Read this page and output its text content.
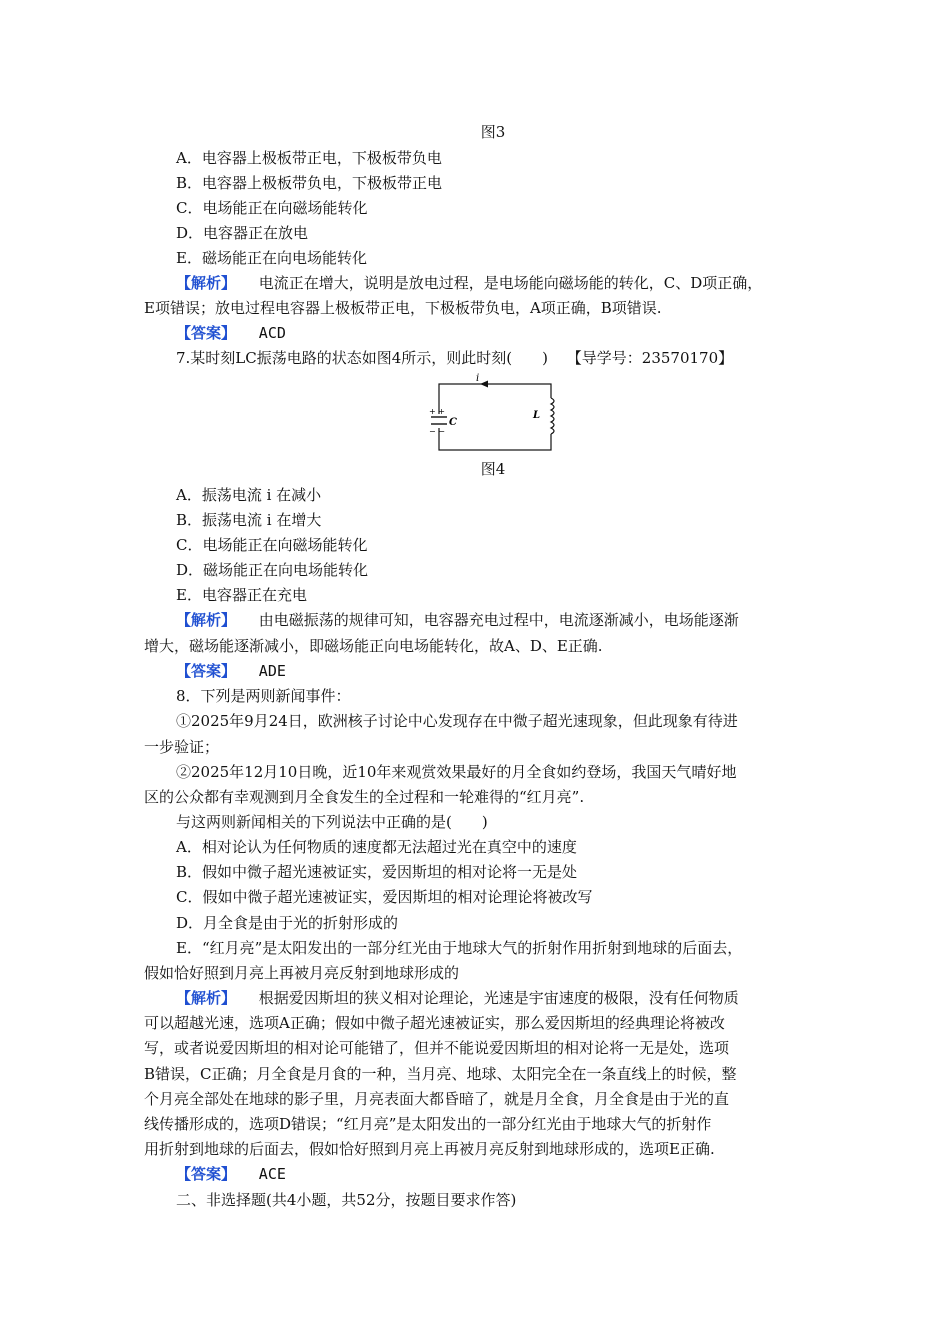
图3
A．电容器上极板带正电，下极板带负电
B．电容器上极板带负电，下极板带正电
C．电场能正在向磁场能转化
D．电容器正在放电
E．磁场能正在向电场能转化
【解析】 电流正在增大，说明是放电过程，是电场能向磁场能的转化，C、D项正确，
E项错误；放电过程电容器上极板带正电，下极板带负电，A项正确，B项错误.
【答案】 ACD
7.某时刻LC振荡电路的状态如图4所示，则此时刻(　　) 【导学号：23570170】
i
+ +
− −
C
L
图4
A．振荡电流 i 在减小
B．振荡电流 i 在增大
C．电场能正在向磁场能转化
D．磁场能正在向电场能转化
E．电容器正在充电
【解析】 由电磁振荡的规律可知，电容器充电过程中，电流逐渐减小，电场能逐渐
增大，磁场能逐渐减小，即磁场能正向电场能转化，故A、D、E正确.
【答案】 ADE
8．下列是两则新闻事件：
①2025年9月24日，欧洲核子讨论中心发现存在中微子超光速现象，但此现象有待进
一步验证；
②2025年12月10日晚，近10年来观赏效果最好的月全食如约登场，我国天气晴好地
区的公众都有幸观测到月全食发生的全过程和一轮难得的“红月亮”.
与这两则新闻相关的下列说法中正确的是(　　)
A．相对论认为任何物质的速度都无法超过光在真空中的速度
B．假如中微子超光速被证实，爱因斯坦的相对论将一无是处
C．假如中微子超光速被证实，爱因斯坦的相对论理论将被改写
D．月全食是由于光的折射形成的
E．“红月亮”是太阳发出的一部分红光由于地球大气的折射作用折射到地球的后面去，
假如恰好照到月亮上再被月亮反射到地球形成的
【解析】 根据爱因斯坦的狭义相对论理论，光速是宇宙速度的极限，没有任何物质
可以超越光速，选项A正确；假如中微子超光速被证实，那么爱因斯坦的经典理论将被改
写，或者说爱因斯坦的相对论可能错了，但并不能说爱因斯坦的相对论将一无是处，选项
B错误，C正确；月全食是月食的一种，当月亮、地球、太阳完全在一条直线上的时候，整
个月亮全部处在地球的影子里，月亮表面大都昏暗了，就是月全食，月全食是由于光的直
线传播形成的，选项D错误；“红月亮”是太阳发出的一部分红光由于地球大气的折射作
用折射到地球的后面去，假如恰好照到月亮上再被月亮反射到地球形成的，选项E正确.
【答案】 ACE
二、非选择题(共4小题，共52分，按题目要求作答)
